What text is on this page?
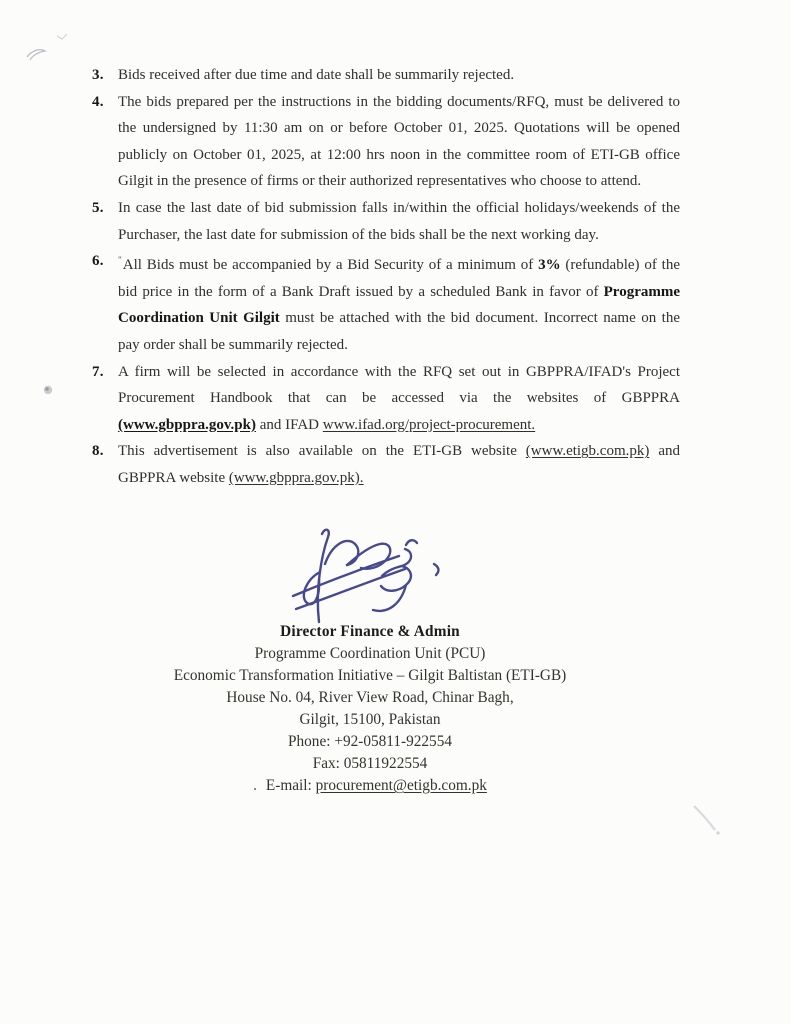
3. Bids received after due time and date shall be summarily rejected.
4. The bids prepared per the instructions in the bidding documents/RFQ, must be delivered to the undersigned by 11:30 am on or before October 01, 2025. Quotations will be opened publicly on October 01, 2025, at 12:00 hrs noon in the committee room of ETI-GB office Gilgit in the presence of firms or their authorized representatives who choose to attend.
5. In case the last date of bid submission falls in/within the official holidays/weekends of the Purchaser, the last date for submission of the bids shall be the next working day.
6.	"All Bids must be accompanied by a Bid Security of a minimum of 3% (refundable) of the bid price in the form of a Bank Draft issued by a scheduled Bank in favor of Programme Coordination Unit Gilgit must be attached with the bid document. Incorrect name on the pay order shall be summarily rejected.
7. A firm will be selected in accordance with the RFQ set out in GBPPRA/IFAD's Project Procurement Handbook that can be accessed via the websites of GBPPRA (www.gbppra.gov.pk) and IFAD www.ifad.org/project-procurement.
8. This advertisement is also available on the ETI-GB website (www.etigb.com.pk) and GBPPRA website (www.gbppra.gov.pk).
Director Finance & Admin
Programme Coordination Unit (PCU)
Economic Transformation Initiative – Gilgit Baltistan (ETI-GB)
House No. 04, River View Road, Chinar Bagh,
Gilgit, 15100, Pakistan
Phone: +92-05811-922554
Fax: 05811922554
. E-mail: procurement@etigb.com.pk
